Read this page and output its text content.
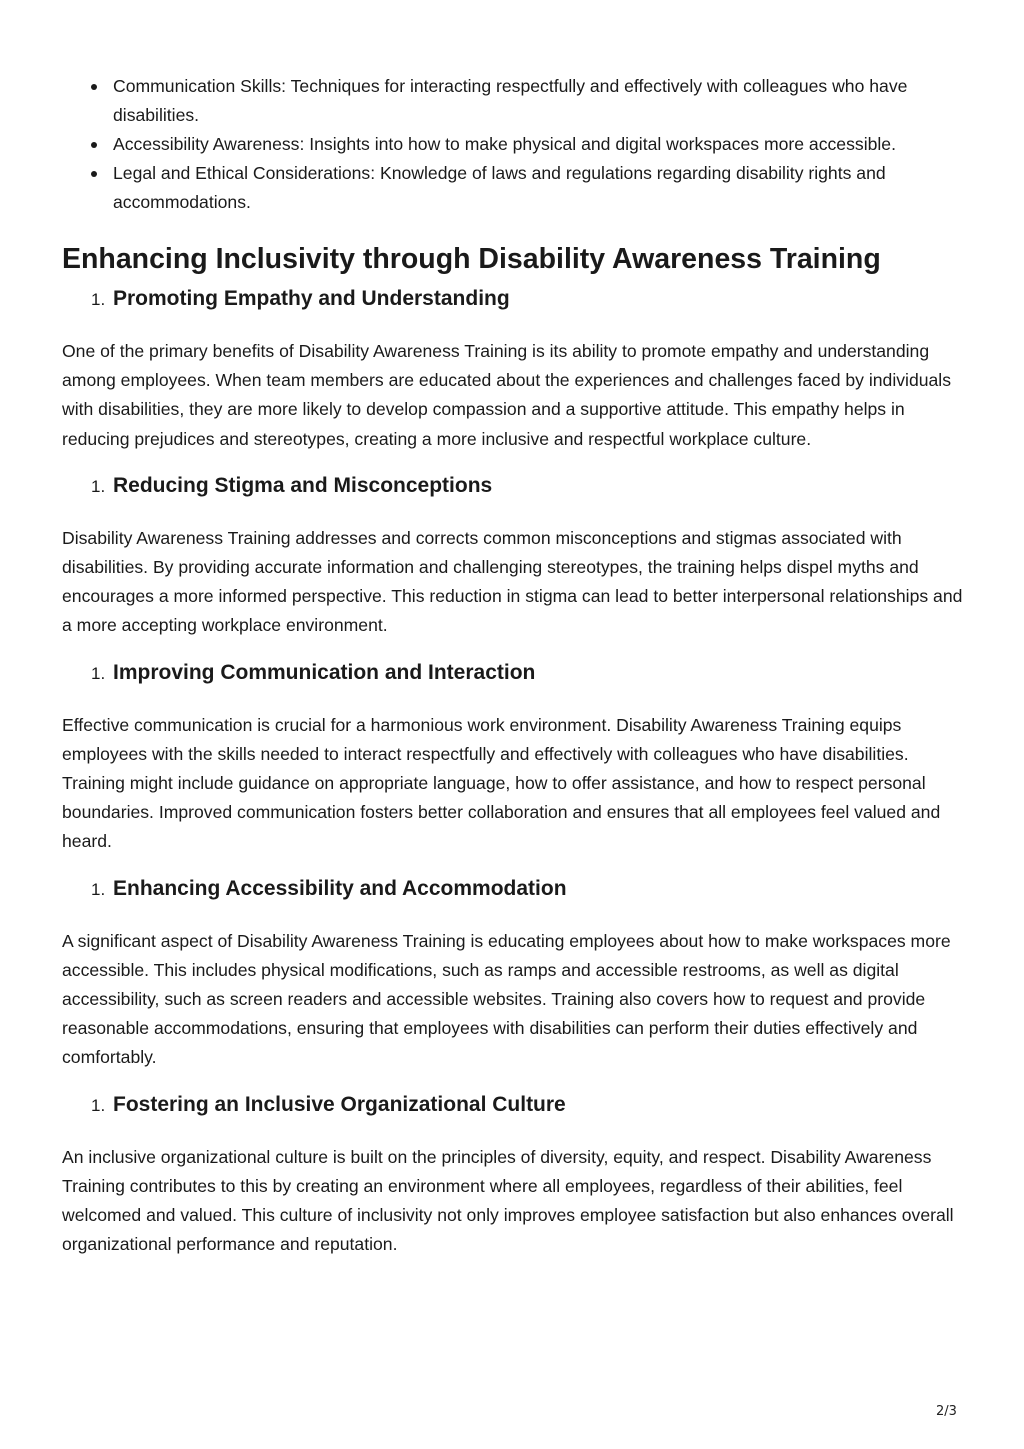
Communication Skills: Techniques for interacting respectfully and effectively with colleagues who have disabilities.
Accessibility Awareness: Insights into how to make physical and digital workspaces more accessible.
Legal and Ethical Considerations: Knowledge of laws and regulations regarding disability rights and accommodations.
Enhancing Inclusivity through Disability Awareness Training
1. Promoting Empathy and Understanding

One of the primary benefits of Disability Awareness Training is its ability to promote empathy and understanding among employees. When team members are educated about the experiences and challenges faced by individuals with disabilities, they are more likely to develop compassion and a supportive attitude. This empathy helps in reducing prejudices and stereotypes, creating a more inclusive and respectful workplace culture.

1. Reducing Stigma and Misconceptions

Disability Awareness Training addresses and corrects common misconceptions and stigmas associated with disabilities. By providing accurate information and challenging stereotypes, the training helps dispel myths and encourages a more informed perspective. This reduction in stigma can lead to better interpersonal relationships and a more accepting workplace environment.

1. Improving Communication and Interaction

Effective communication is crucial for a harmonious work environment. Disability Awareness Training equips employees with the skills needed to interact respectfully and effectively with colleagues who have disabilities. Training might include guidance on appropriate language, how to offer assistance, and how to respect personal boundaries. Improved communication fosters better collaboration and ensures that all employees feel valued and heard.

1. Enhancing Accessibility and Accommodation

A significant aspect of Disability Awareness Training is educating employees about how to make workspaces more accessible. This includes physical modifications, such as ramps and accessible restrooms, as well as digital accessibility, such as screen readers and accessible websites. Training also covers how to request and provide reasonable accommodations, ensuring that employees with disabilities can perform their duties effectively and comfortably.

1. Fostering an Inclusive Organizational Culture

An inclusive organizational culture is built on the principles of diversity, equity, and respect. Disability Awareness Training contributes to this by creating an environment where all employees, regardless of their abilities, feel welcomed and valued. This culture of inclusivity not only improves employee satisfaction but also enhances overall organizational performance and reputation.

2/3
